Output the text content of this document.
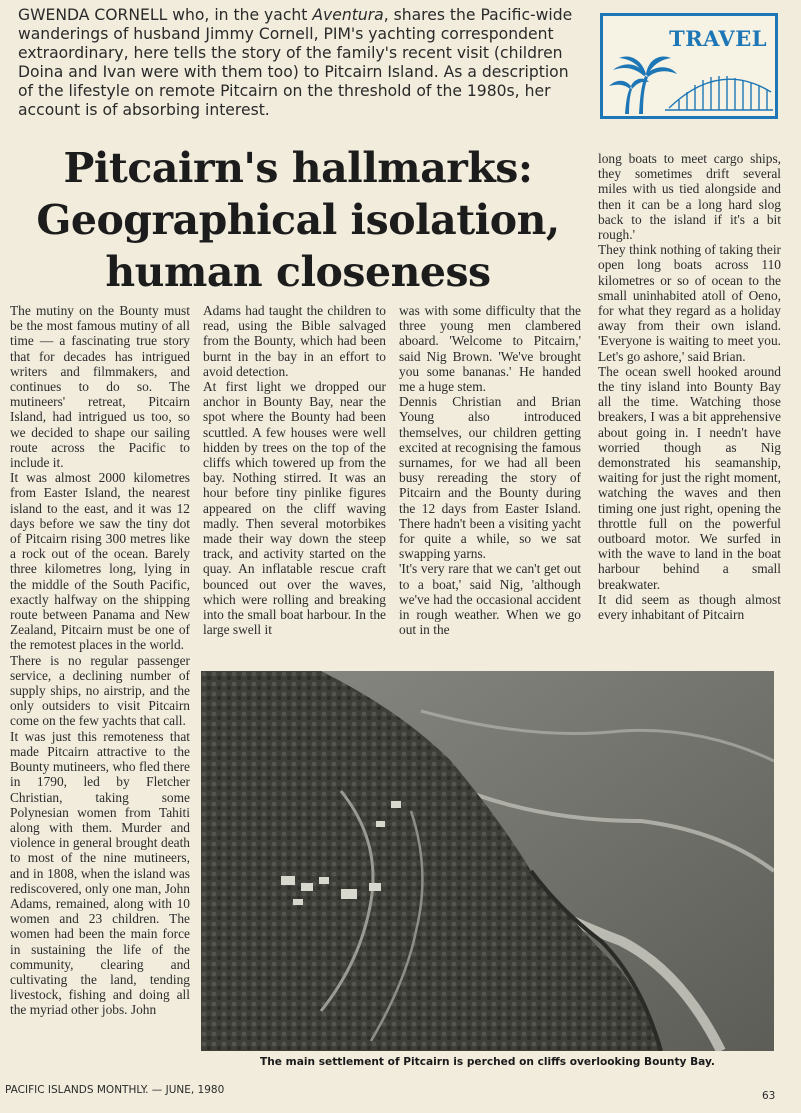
GWENDA CORNELL who, in the yacht Aventura, shares the Pacific-wide wanderings of husband Jimmy Cornell, PIM's yachting correspondent extraordinary, here tells the story of the family's recent visit (children Doina and Ivan were with them too) to Pitcairn Island. As a description of the lifestyle on remote Pitcairn on the threshold of the 1980s, her account is of absorbing interest.
TRAVEL
Pitcairn's hallmarks:
Geographical isolation,
human closeness
The mutiny on the Bounty must be the most famous mutiny of all time — a fascinating true story that for decades has intrigued writers and filmmakers, and continues to do so. The mutineers' retreat, Pitcairn Island, had intrigued us too, so we decided to shape our sailing route across the Pacific to include it.
It was almost 2000 kilometres from Easter Island, the nearest island to the east, and it was 12 days before we saw the tiny dot of Pitcairn rising 300 metres like a rock out of the ocean. Barely three kilometres long, lying in the middle of the South Pacific, exactly halfway on the shipping route between Panama and New Zealand, Pitcairn must be one of the remotest places in the world.
There is no regular passenger service, a declining number of supply ships, no airstrip, and the only outsiders to visit Pitcairn come on the few yachts that call.
It was just this remoteness that made Pitcairn attractive to the Bounty mutineers, who fled there in 1790, led by Fletcher Christian, taking some Polynesian women from Tahiti along with them. Murder and violence in general brought death to most of the nine mutineers, and in 1808, when the island was rediscovered, only one man, John Adams, remained, along with 10 women and 23 children. The women had been the main force in sustaining the life of the community, clearing and cultivating the land, tending livestock, fishing and doing all the myriad other jobs. John
Adams had taught the children to read, using the Bible salvaged from the Bounty, which had been burnt in the bay in an effort to avoid detection.
At first light we dropped our anchor in Bounty Bay, near the spot where the Bounty had been scuttled. A few houses were well hidden by trees on the top of the cliffs which towered up from the bay. Nothing stirred. It was an hour before tiny pinlike figures appeared on the cliff waving madly. Then several motorbikes made their way down the steep track, and activity started on the quay. An inflatable rescue craft bounced out over the waves, which were rolling and breaking into the small boat harbour. In the large swell it
was with some difficulty that the three young men clambered aboard. 'Welcome to Pitcairn,' said Nig Brown. 'We've brought you some bananas.' He handed me a huge stem.
Dennis Christian and Brian Young also introduced themselves, our children getting excited at recognising the famous surnames, for we had all been busy rereading the story of Pitcairn and the Bounty during the 12 days from Easter Island. There hadn't been a visiting yacht for quite a while, so we sat swapping yarns.
'It's very rare that we can't get out to a boat,' said Nig, 'although we've had the occasional accident in rough weather. When we go out in the
long boats to meet cargo ships, they sometimes drift several miles with us tied alongside and then it can be a long hard slog back to the island if it's a bit rough.'
They think nothing of taking their open long boats across 110 kilometres or so of ocean to the small uninhabited atoll of Oeno, for what they regard as a holiday away from their own island. 'Everyone is waiting to meet you. Let's go ashore,' said Brian.
The ocean swell hooked around the tiny island into Bounty Bay all the time. Watching those breakers, I was a bit apprehensive about going in. I needn't have worried though as Nig demonstrated his seamanship, waiting for just the right moment, watching the waves and then timing one just right, opening the throttle full on the powerful outboard motor. We surfed in with the wave to land in the boat harbour behind a small breakwater.
It did seem as though almost every inhabitant of Pitcairn
The main settlement of Pitcairn is perched on cliffs overlooking Bounty Bay.
PACIFIC ISLANDS MONTHLY. — JUNE, 1980	63
